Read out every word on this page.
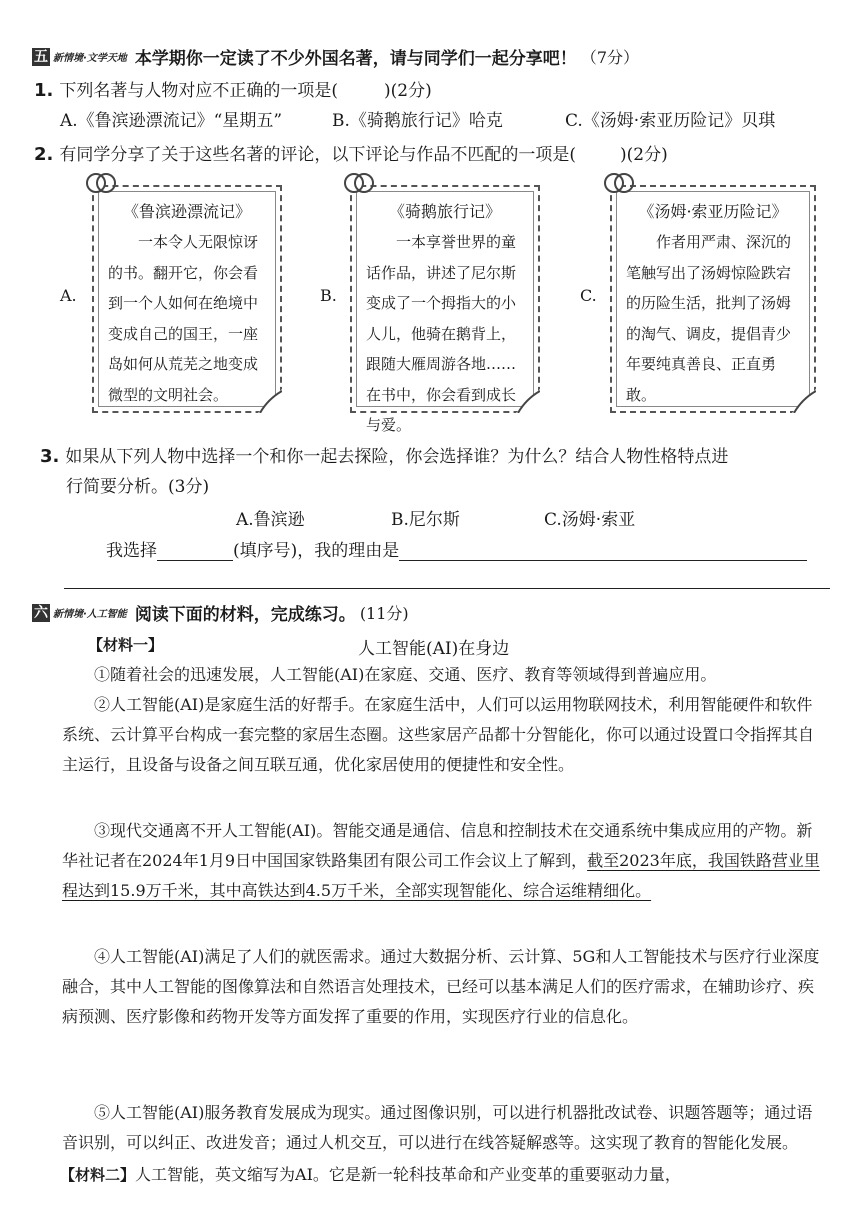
五 新情境·文学天地 本学期你一定读了不少外国名著，请与同学们一起分享吧！ （7分）
1. 下列名著与人物对应不正确的一项是(	)(2分)
A.《鲁滨逊漂流记》“星期五”	B.《骑鹅旅行记》哈克	C.《汤姆·索亚历险记》贝琪
2. 有同学分享了关于这些名著的评论，以下评论与作品不匹配的一项是(	)(2分)
A.
《鲁滨逊漂流记》
一本令人无限惊讶的书。翻开它，你会看到一个人如何在绝境中变成自己的国王，一座岛如何从荒芜之地变成微型的文明社会。
B.
《骑鹅旅行记》
一本享誉世界的童话作品，讲述了尼尔斯变成了一个拇指大的小人儿，他骑在鹅背上，跟随大雁周游各地……在书中，你会看到成长与爱。
C.
《汤姆·索亚历险记》
作者用严肃、深沉的笔触写出了汤姆惊险跌宕的历险生活，批判了汤姆的淘气、调皮，提倡青少年要纯真善良、正直勇敢。
3. 如果从下列人物中选择一个和你一起去探险，你会选择谁？为什么？结合人物性格特点进
行简要分析。(3分)
A.鲁滨逊	B.尼尔斯	C.汤姆·索亚
我选择	(填序号)，我的理由是
六 新情境·人工智能 阅读下面的材料，完成练习。 (11分)
【材料一】	人工智能(AI)在身边
①随着社会的迅速发展，人工智能(AI)在家庭、交通、医疗、教育等领域得到普遍应用。
②人工智能(AI)是家庭生活的好帮手。在家庭生活中，人们可以运用物联网技术，利用智能硬件和软件系统、云计算平台构成一套完整的家居生态圈。这些家居产品都十分智能化，你可以通过设置口令指挥其自主运行，且设备与设备之间互联互通，优化家居使用的便捷性和安全性。
③现代交通离不开人工智能(AI)。智能交通是通信、信息和控制技术在交通系统中集成应用的产物。新华社记者在2024年1月9日中国国家铁路集团有限公司工作会议上了解到，截至2023年底，我国铁路营业里程达到15.9万千米，其中高铁达到4.5万千米，全部实现智能化、综合运维精细化。
④人工智能(AI)满足了人们的就医需求。通过大数据分析、云计算、5G和人工智能技术与医疗行业深度融合，其中人工智能的图像算法和自然语言处理技术，已经可以基本满足人们的医疗需求，在辅助诊疗、疾病预测、医疗影像和药物开发等方面发挥了重要的作用，实现医疗行业的信息化。
⑤人工智能(AI)服务教育发展成为现实。通过图像识别，可以进行机器批改试卷、识题答题等；通过语音识别，可以纠正、改进发音；通过人机交互，可以进行在线答疑解惑等。这实现了教育的智能化发展。
【材料二】人工智能，英文缩写为AI。它是新一轮科技革命和产业变革的重要驱动力量，
